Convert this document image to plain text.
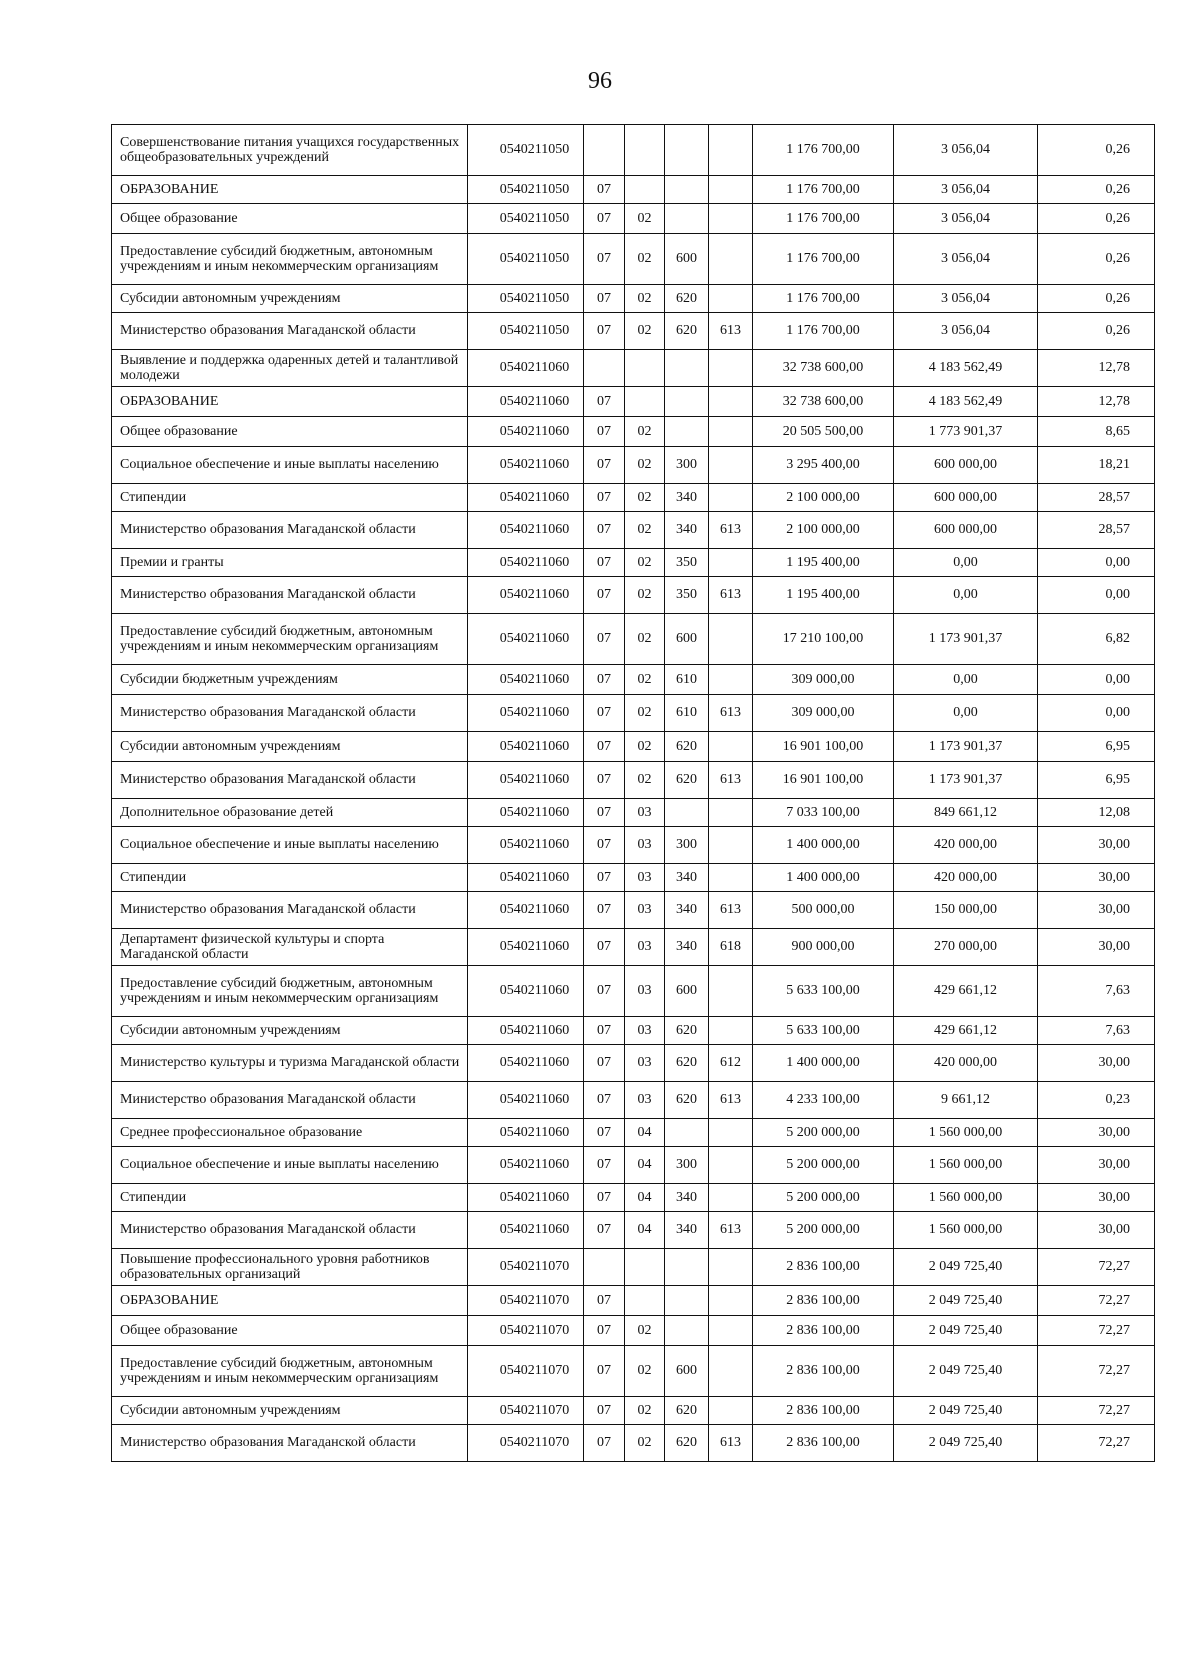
96
Совершенствование питания учащихся государственных общеобразовательных учреждений	0540211050					1 176 700,00	3 056,04	0,26
ОБРАЗОВАНИЕ	0540211050	07				1 176 700,00	3 056,04	0,26
Общее образование	0540211050	07	02			1 176 700,00	3 056,04	0,26
Предоставление субсидий бюджетным, автономным учреждениям и иным некоммерческим организациям	0540211050	07	02	600		1 176 700,00	3 056,04	0,26
Субсидии автономным учреждениям	0540211050	07	02	620		1 176 700,00	3 056,04	0,26
Министерство образования Магаданской области	0540211050	07	02	620	613	1 176 700,00	3 056,04	0,26
Выявление и поддержка одаренных детей и талантливой молодежи	0540211060					32 738 600,00	4 183 562,49	12,78
ОБРАЗОВАНИЕ	0540211060	07				32 738 600,00	4 183 562,49	12,78
Общее образование	0540211060	07	02			20 505 500,00	1 773 901,37	8,65
Социальное обеспечение и иные выплаты населению	0540211060	07	02	300		3 295 400,00	600 000,00	18,21
Стипендии	0540211060	07	02	340		2 100 000,00	600 000,00	28,57
Министерство образования Магаданской области	0540211060	07	02	340	613	2 100 000,00	600 000,00	28,57
Премии и гранты	0540211060	07	02	350		1 195 400,00	0,00	0,00
Министерство образования Магаданской области	0540211060	07	02	350	613	1 195 400,00	0,00	0,00
Предоставление субсидий бюджетным, автономным учреждениям и иным некоммерческим организациям	0540211060	07	02	600		17 210 100,00	1 173 901,37	6,82
Субсидии бюджетным учреждениям	0540211060	07	02	610		309 000,00	0,00	0,00
Министерство образования Магаданской области	0540211060	07	02	610	613	309 000,00	0,00	0,00
Субсидии автономным учреждениям	0540211060	07	02	620		16 901 100,00	1 173 901,37	6,95
Министерство образования Магаданской области	0540211060	07	02	620	613	16 901 100,00	1 173 901,37	6,95
Дополнительное образование детей	0540211060	07	03			7 033 100,00	849 661,12	12,08
Социальное обеспечение и иные выплаты населению	0540211060	07	03	300		1 400 000,00	420 000,00	30,00
Стипендии	0540211060	07	03	340		1 400 000,00	420 000,00	30,00
Министерство образования Магаданской области	0540211060	07	03	340	613	500 000,00	150 000,00	30,00
Департамент физической культуры и спорта Магаданской области	0540211060	07	03	340	618	900 000,00	270 000,00	30,00
Предоставление субсидий бюджетным, автономным учреждениям и иным некоммерческим организациям	0540211060	07	03	600		5 633 100,00	429 661,12	7,63
Субсидии автономным учреждениям	0540211060	07	03	620		5 633 100,00	429 661,12	7,63
Министерство культуры и туризма Магаданской области	0540211060	07	03	620	612	1 400 000,00	420 000,00	30,00
Министерство образования Магаданской области	0540211060	07	03	620	613	4 233 100,00	9 661,12	0,23
Среднее профессиональное образование	0540211060	07	04			5 200 000,00	1 560 000,00	30,00
Социальное обеспечение и иные выплаты населению	0540211060	07	04	300		5 200 000,00	1 560 000,00	30,00
Стипендии	0540211060	07	04	340		5 200 000,00	1 560 000,00	30,00
Министерство образования Магаданской области	0540211060	07	04	340	613	5 200 000,00	1 560 000,00	30,00
Повышение профессионального уровня работников образовательных организаций	0540211070					2 836 100,00	2 049 725,40	72,27
ОБРАЗОВАНИЕ	0540211070	07				2 836 100,00	2 049 725,40	72,27
Общее образование	0540211070	07	02			2 836 100,00	2 049 725,40	72,27
Предоставление субсидий бюджетным, автономным учреждениям и иным некоммерческим организациям	0540211070	07	02	600		2 836 100,00	2 049 725,40	72,27
Субсидии автономным учреждениям	0540211070	07	02	620		2 836 100,00	2 049 725,40	72,27
Министерство образования Магаданской области	0540211070	07	02	620	613	2 836 100,00	2 049 725,40	72,27
